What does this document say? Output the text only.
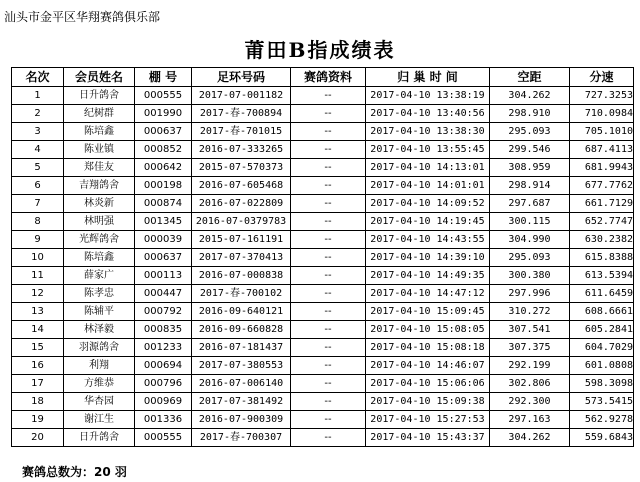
汕头市金平区华翔赛鸽俱乐部
莆田B指成绩表
名次	会员姓名	棚 号	足环号码	赛鸽资料	归 巢 时 间	空距	分速
1	日升鸽舍	000555	2017-07-001182	--	2017-04-10 13:38:19	304.262	727.3253
2	纪树群	001990	2017-春-700894	--	2017-04-10 13:40:56	298.910	710.0984
3	陈培鑫	000637	2017-春-701015	--	2017-04-10 13:38:30	295.093	705.1010
4	陈业镇	000852	2016-07-333265	--	2017-04-10 13:55:45	299.546	687.4113
5	郑佳友	000642	2015-07-570373	--	2017-04-10 14:13:01	308.959	681.9943
6	吉翔鸽舍	000198	2016-07-605468	--	2017-04-10 14:01:01	298.914	677.7762
7	林炎新	000874	2016-07-022809	--	2017-04-10 14:09:52	297.687	661.7129
8	林明强	001345	2016-07-0379783	--	2017-04-10 14:19:45	300.115	652.7747
9	光辉鸽舍	000039	2015-07-161191	--	2017-04-10 14:43:55	304.990	630.2382
10	陈培鑫	000637	2017-07-370413	--	2017-04-10 14:39:10	295.093	615.8388
11	薛家广	000113	2016-07-000838	--	2017-04-10 14:49:35	300.380	613.5394
12	陈孝忠	000447	2017-春-700102	--	2017-04-10 14:47:12	297.996	611.6459
13	陈辅平	000792	2016-09-640121	--	2017-04-10 15:09:45	310.272	608.6661
14	林泽毅	000835	2016-09-660828	--	2017-04-10 15:08:05	307.541	605.2841
15	羽源鸽舍	001233	2016-07-181437	--	2017-04-10 15:08:18	307.375	604.7029
16	利翔	000694	2017-07-380553	--	2017-04-10 14:46:07	292.199	601.0808
17	方维恭	000796	2016-07-006140	--	2017-04-10 15:06:06	302.806	598.3098
18	华杏园	000969	2017-07-381492	--	2017-04-10 15:09:38	292.300	573.5415
19	谢江生	001336	2016-07-900309	--	2017-04-10 15:27:53	297.163	562.9278
20	日升鸽舍	000555	2017-春-700307	--	2017-04-10 15:43:37	304.262	559.6843
赛鸽总数为：20 羽
